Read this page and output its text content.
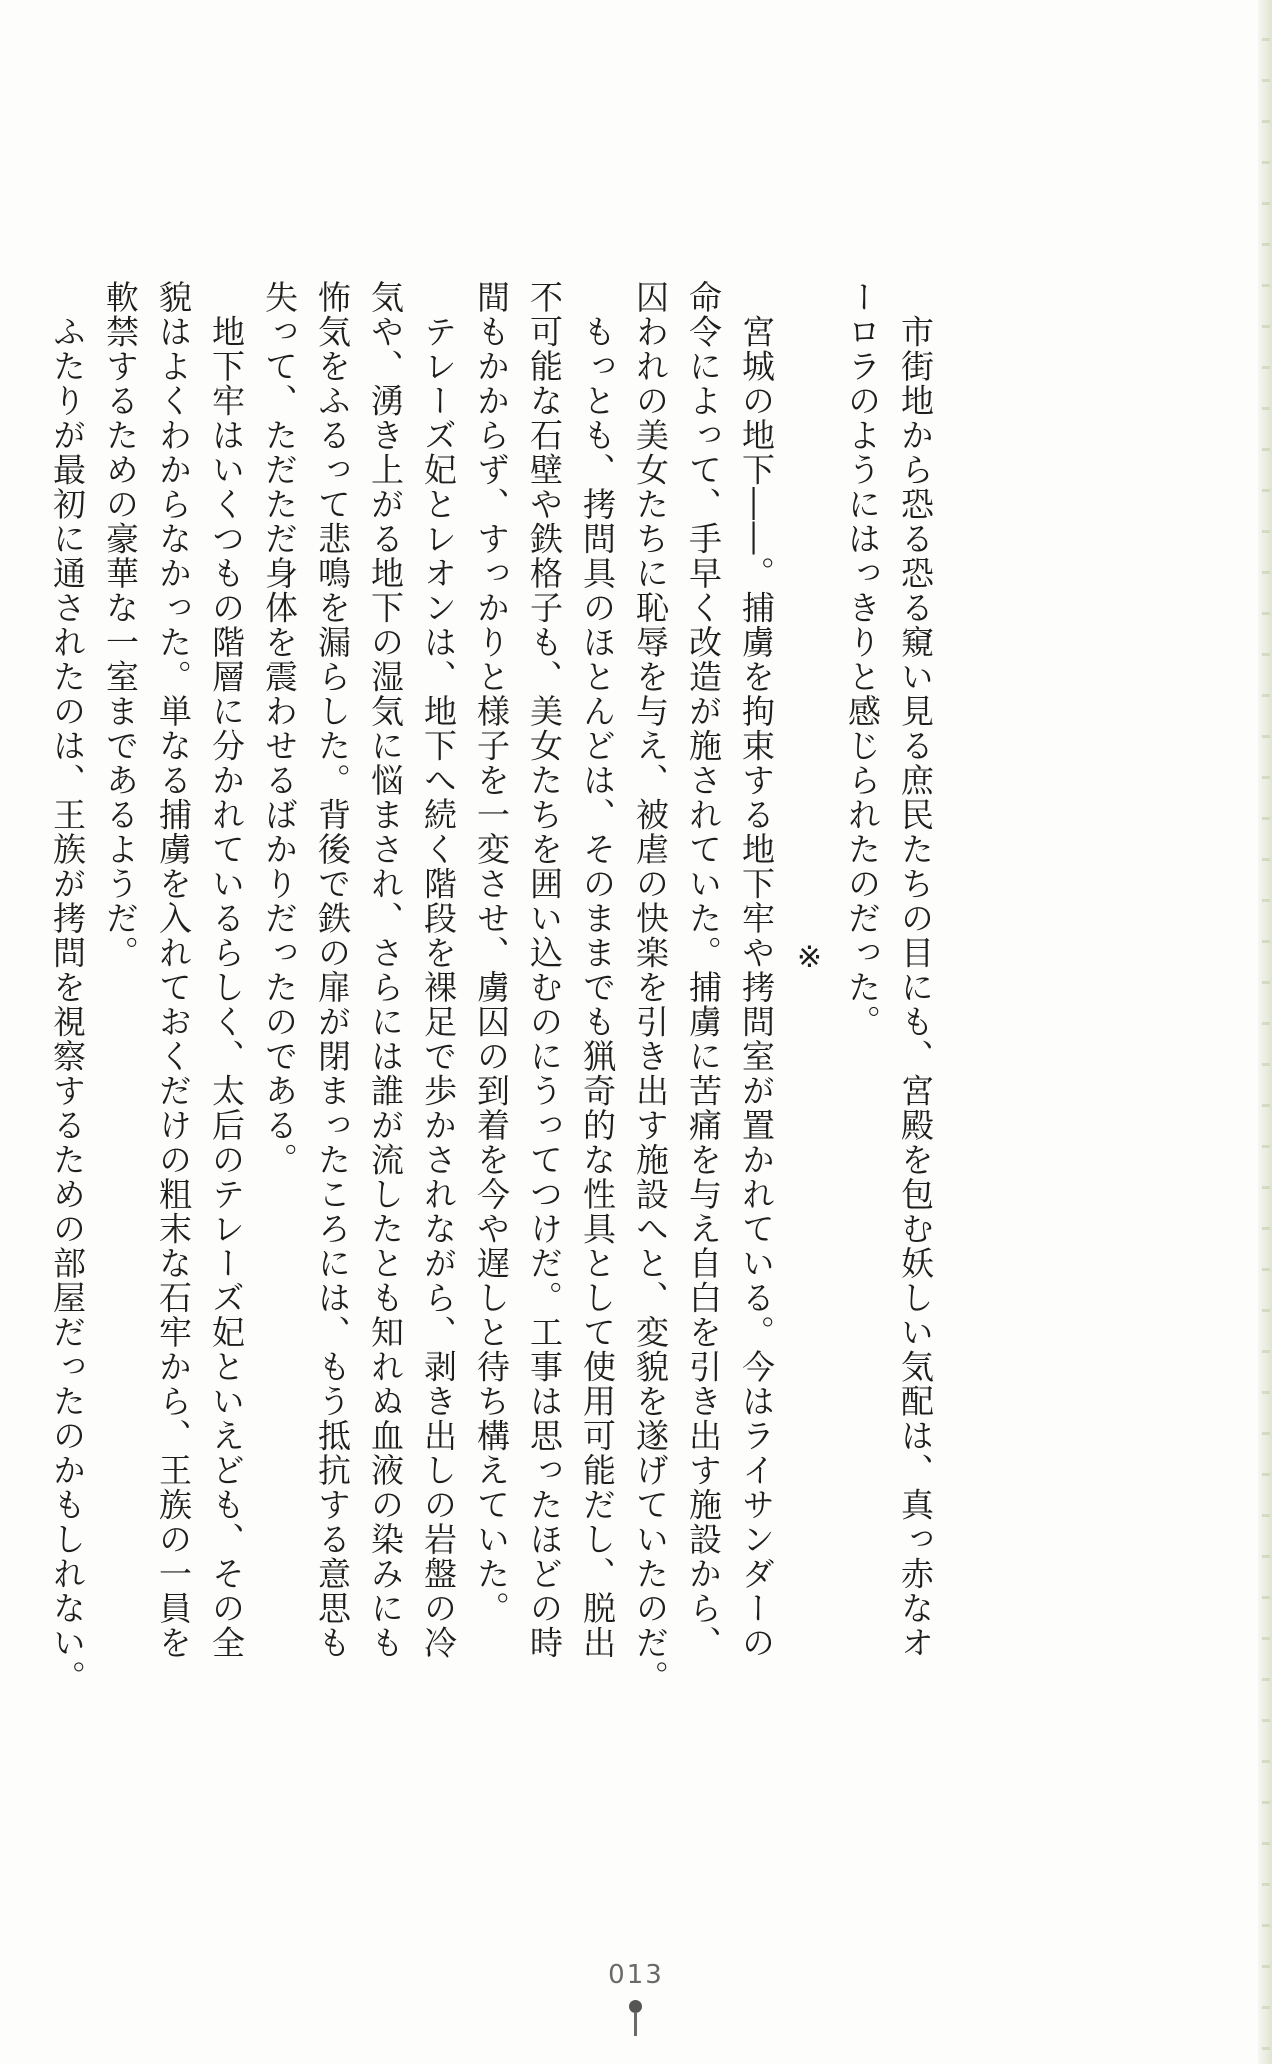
　市街地から恐る恐る窺い見る庶民たちの目にも、宮殿を包む妖しい気配は、真っ赤なオ
ーロラのようにはっきりと感じられたのだった。
※
　宮城の地下――。捕虜を拘束する地下牢や拷問室が置かれている。今はライサンダーの
命令によって、手早く改造が施されていた。捕虜に苦痛を与え自白を引き出す施設から、
囚われの美女たちに恥辱を与え、被虐の快楽を引き出す施設へと、変貌を遂げていたのだ。
　もっとも、拷問具のほとんどは、そのままでも猟奇的な性具として使用可能だし、脱出
不可能な石壁や鉄格子も、美女たちを囲い込むのにうってつけだ。工事は思ったほどの時
間もかからず、すっかりと様子を一変させ、虜囚の到着を今や遅しと待ち構えていた。
　テレーズ妃とレオンは、地下へ続く階段を裸足で歩かされながら、剥き出しの岩盤の冷
気や、湧き上がる地下の湿気に悩まされ、さらには誰が流したとも知れぬ血液の染みにも
怖気をふるって悲鳴を漏らした。背後で鉄の扉が閉まったころには、もう抵抗する意思も
失って、ただただ身体を震わせるばかりだったのである。
　地下牢はいくつもの階層に分かれているらしく、太后のテレーズ妃といえども、その全
貌はよくわからなかった。単なる捕虜を入れておくだけの粗末な石牢から、王族の一員を
軟禁するための豪華な一室まであるようだ。
　ふたりが最初に通されたのは、王族が拷問を視察するための部屋だったのかもしれない。
013
